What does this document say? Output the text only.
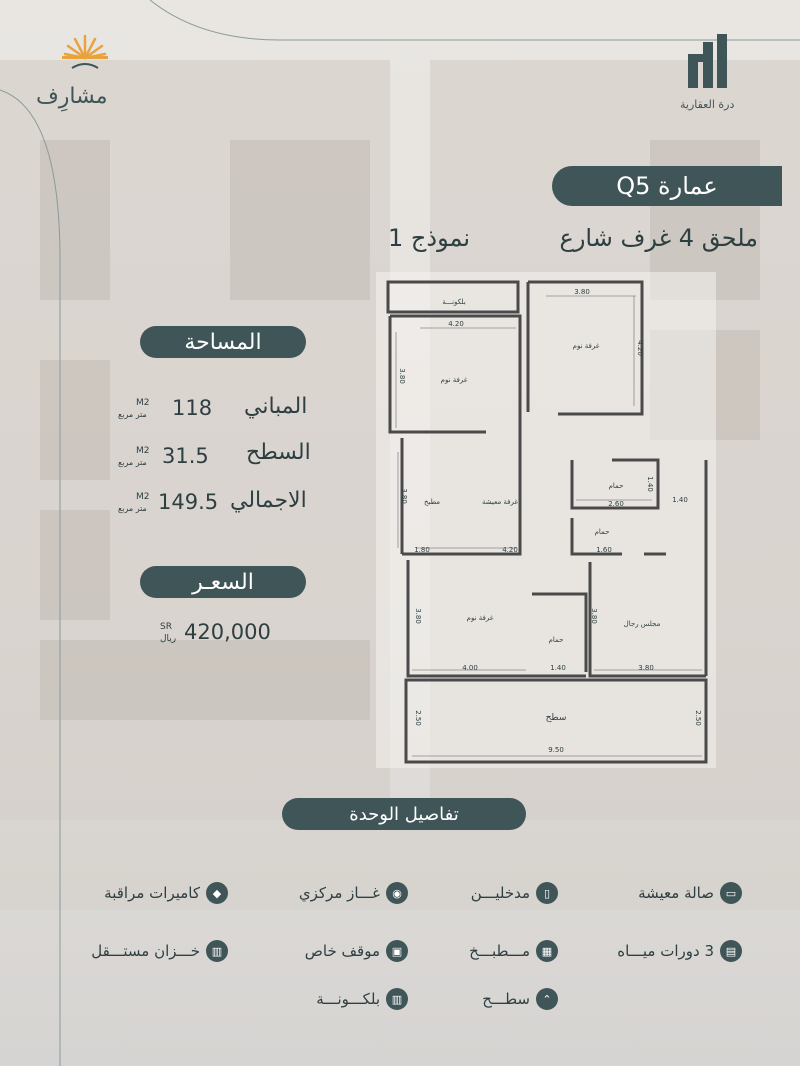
مشارِف	درة العقارية
عمارة Q5
ملحق 4 غرف شارع
نموذج 1
المساحة
المباني
118
M2
متر مربع
السطح
31.5
M2
متر مربع
الاجمالي
149.5
M2
متر مربع
السعـر
420,000
SR
ريال
بلكونـــة
غرفة نوم
غرفة نوم
غرفة معيشة
مطبخ
حمام
حمام
حمام
غرفة نوم
مجلس رجال
سطح
3.80
4.20
4.20
3.80
1.40
2.60	1.40
3.80
1.80	4.20	1.60
3.80	3.80
4.00	1.40	3.80
2.50	2.50
9.50
تفاصيل الوحدة
▭
صالة معيشة
▯
مدخليـــن
◉
غـــاز مركزي
◆
كاميرات مراقبة
▤
3 دورات ميـــاه
▦
مـــطبـــخ
▣
موقف خاص
▥
خـــزان مستـــقل
⌃
سطـــح
▥
بلكـــونـــة
